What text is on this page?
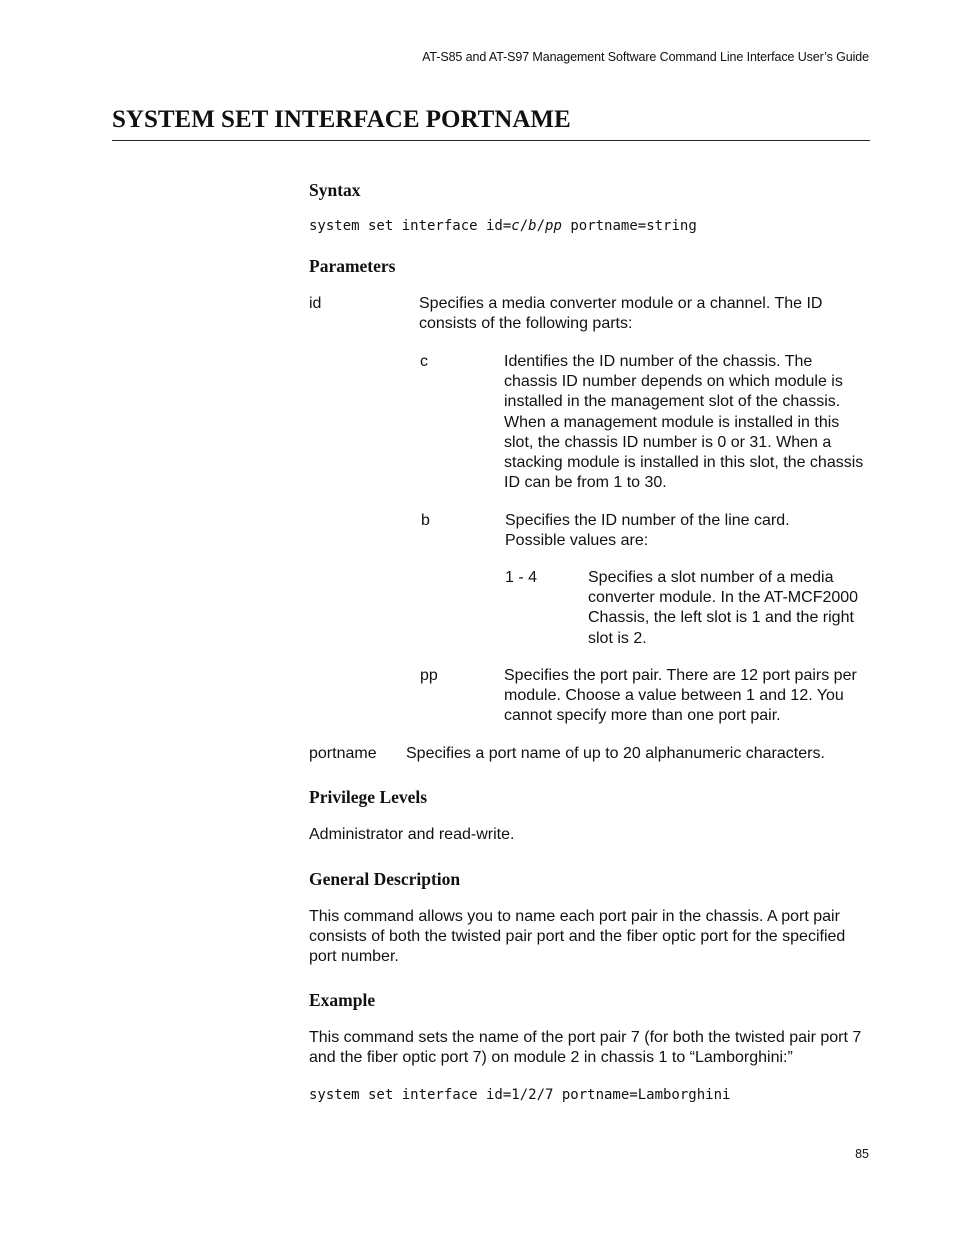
AT-S85 and AT-S97 Management Software Command Line Interface User’s Guide
SYSTEM SET INTERFACE PORTNAME
Syntax
system set interface id=c/b/pp portname=string
Parameters
id	Specifies a media converter module or a channel. The ID consists of the following parts:
c	Identifies the ID number of the chassis. The chassis ID number depends on which module is installed in the management slot of the chassis. When a management module is installed in this slot, the chassis ID number is 0 or 31. When a stacking module is installed in this slot, the chassis ID can be from 1 to 30.
b	Specifies the ID number of the line card. Possible values are:
1 - 4	Specifies a slot number of a media converter module. In the AT-MCF2000 Chassis, the left slot is 1 and the right slot is 2.
pp	Specifies the port pair. There are 12 port pairs per module. Choose a value between 1 and 12. You cannot specify more than one port pair.
portname Specifies a port name of up to 20 alphanumeric characters.
Privilege Levels
Administrator and read-write.
General Description
This command allows you to name each port pair in the chassis. A port pair consists of both the twisted pair port and the fiber optic port for the specified port number.
Example
This command sets the name of the port pair 7 (for both the twisted pair port 7 and the fiber optic port 7) on module 2 in chassis 1 to “Lamborghini:”
system set interface id=1/2/7 portname=Lamborghini
85
